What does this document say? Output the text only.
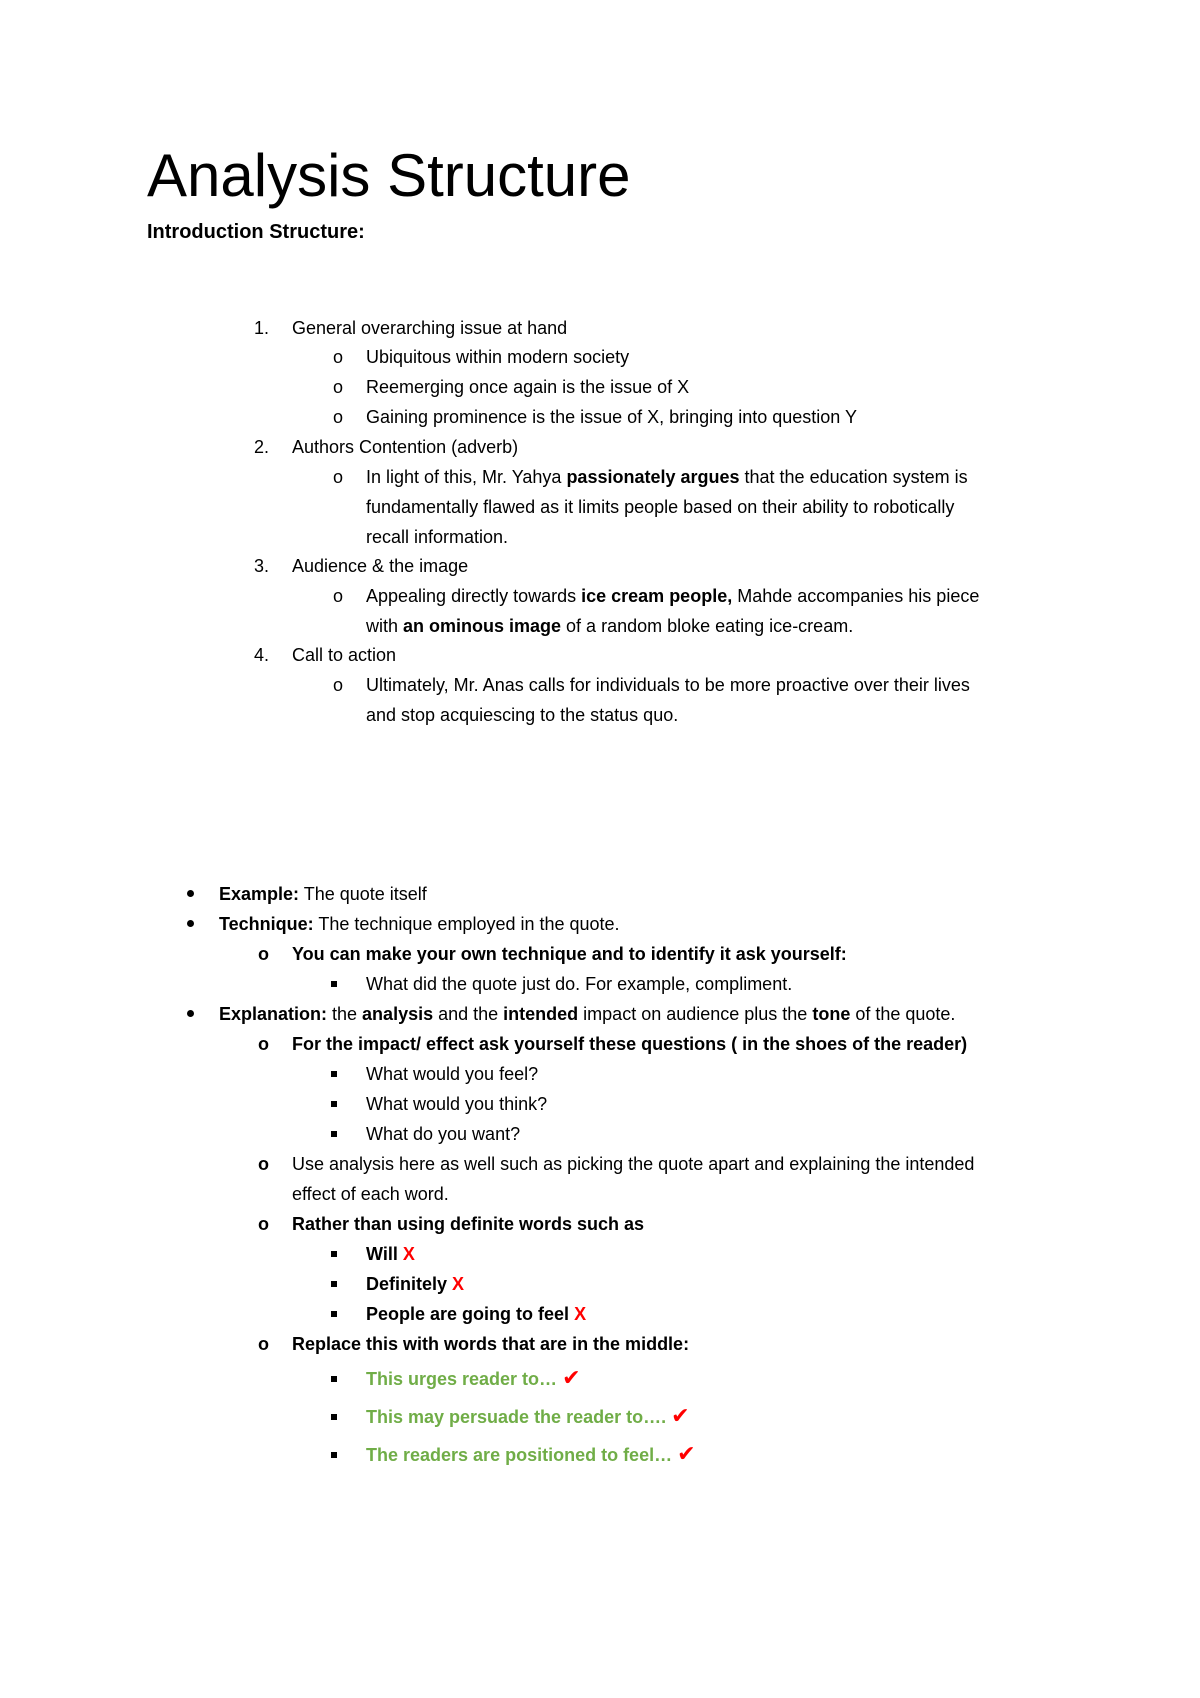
Analysis Structure
Introduction Structure:
1. General overarching issue at hand
o Ubiquitous within modern society
o Reemerging once again is the issue of X
o Gaining prominence is the issue of X, bringing into question Y
2. Authors Contention (adverb)
o In light of this, Mr. Yahya passionately argues that the education system is
fundamentally flawed as it limits people based on their ability to robotically
recall information.
3. Audience & the image
o Appealing directly towards ice cream people, Mahde accompanies his piece
with an ominous image of a random bloke eating ice-cream.
4. Call to action
o Ultimately, Mr. Anas calls for individuals to be more proactive over their lives
and stop acquiescing to the status quo.
Example: The quote itself
Technique: The technique employed in the quote.
o You can make your own technique and to identify it ask yourself:
What did the quote just do. For example, compliment.
Explanation: the analysis and the intended impact on audience plus the tone of the quote.
o For the impact/ effect ask yourself these questions ( in the shoes of the reader)
What would you feel?
What would you think?
What do you want?
o Use analysis here as well such as picking the quote apart and explaining the intended
effect of each word.
o Rather than using definite words such as
Will X
Definitely X
People are going to feel X
o Replace this with words that are in the middle:
This urges reader to… ✔
This may persuade the reader to…. ✔
The readers are positioned to feel… ✔
